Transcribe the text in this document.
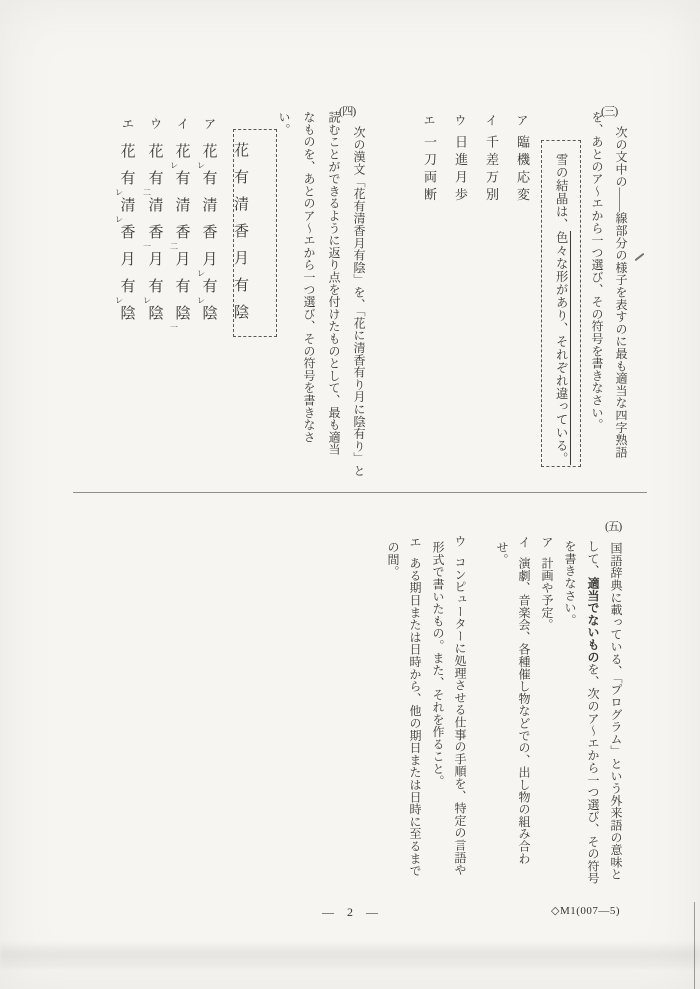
(三)
次の文中の――線部分の様子を表すのに最も適当な四字熟語
を、あとのア～エから一つ選び、その符号を書きなさい。
雪の結晶は、色々な形があり、それぞれ違っている。
ア臨機応変
イ千差万別
ウ日進月歩
エ一刀両断
(四)
次の漢文「花有清香月有陰」を、「花に清香有り月に陰有り」と
読むことができるように返り点を付けたものとして、最も適当
なものを、あとのア～エから一つ選び、その符号を書きなさ
い。
花
有
清
香
月
有
陰
ア
花
レ
有
清
香
月
レ
有
レ
陰
イ
花
レ
有
清
香
二
月
有
陰
一
ウ
花
有
二
清
香
一
月
有
レ
陰
エ
花
有
レ
清
レ
香
月
有
レ
陰
(五)
国語辞典に載っている、「プログラム」という外来語の意味と
して、適当でないものを、次のア～エから一つ選び、その符号
を書きなさい。
ア計画や予定。
イ演劇、音楽会、各種催し物などでの、出し物の組み合わ
せ。
ウコンピューターに処理させる仕事の手順を、特定の言語や
形式で書いたもの。また、それを作ること。
エある期日または日時から、他の期日または日時に至るまで
の間。
— 2 —	◇M1(007—5)
